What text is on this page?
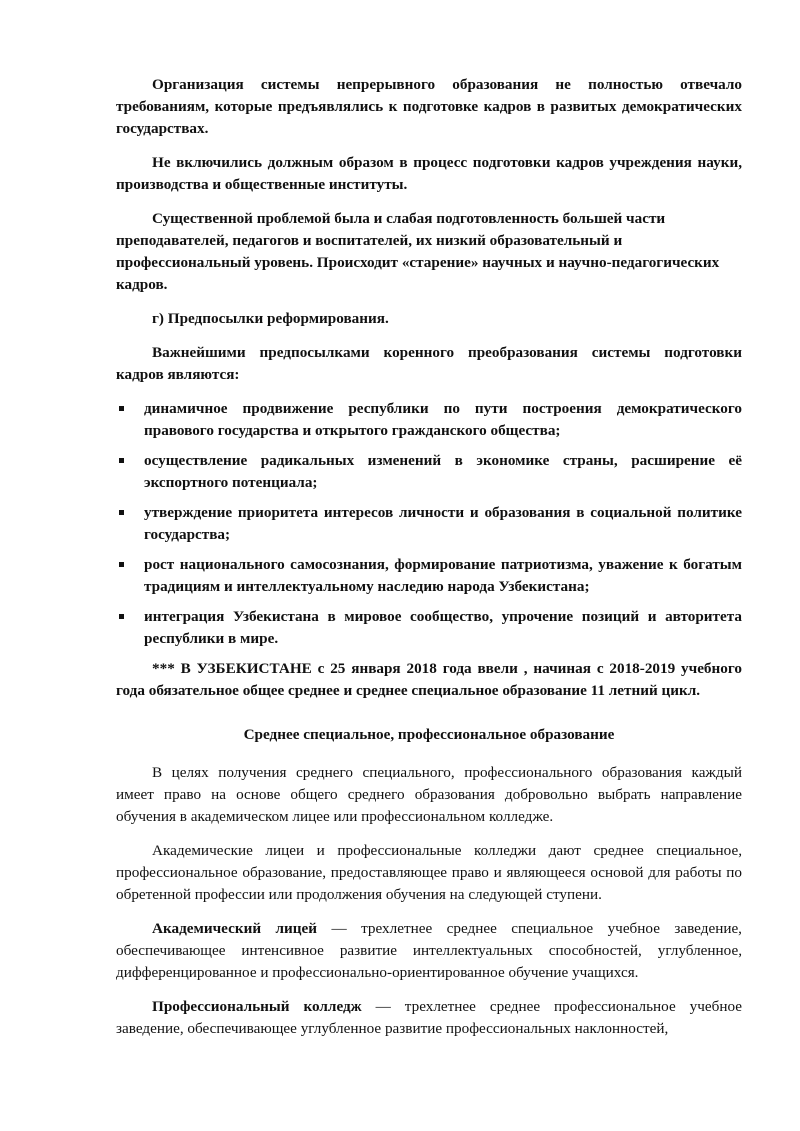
Организация системы непрерывного образования не полностью отвечало требованиям, которые предъявлялись к подготовке кадров в развитых демократических государствах.

Не включились должным образом в процесс подготовки кадров учреждения науки, производства и общественные институты.

Существенной проблемой была и слабая подготовленность большей части преподавателей, педагогов и воспитателей, их низкий образовательный и профессиональный уровень. Происходит «старение» научных и научно-педагогических кадров.

г) Предпосылки реформирования.

Важнейшими предпосылками коренного преобразования системы подготовки кадров являются:

динамичное продвижение республики по пути построения демократического правового государства и открытого гражданского общества;
осуществление радикальных изменений в экономике страны, расширение её экспортного потенциала;
утверждение приоритета интересов личности и образования в социальной политике государства;
рост национального самосознания, формирование патриотизма, уважение к богатым традициям и интеллектуальному наследию народа Узбекистана;
интеграция Узбекистана в мировое сообщество, упрочение позиций и авторитета республики в мире.

*** В УЗБЕКИСТАНЕ с 25 января 2018 года ввели , начиная с 2018-2019 учебного года обязательное общее среднее и среднее специальное образование 11 летний цикл.

Среднее специальное, профессиональное образование

В целях получения среднего специального, профессионального образования каждый имеет право на основе общего среднего образования добровольно выбрать направление обучения в академическом лицее или профессиональном колледже.

Академические лицеи и профессиональные колледжи дают среднее специальное, профессиональное образование, предоставляющее право и являющееся основой для работы по обретенной профессии или продолжения обучения на следующей ступени.

Академический лицей — трехлетнее среднее специальное учебное заведение, обеспечивающее интенсивное развитие интеллектуальных способностей, углубленное, дифференцированное и профессионально-ориентированное обучение учащихся.

Профессиональный колледж — трехлетнее среднее профессиональное учебное заведение, обеспечивающее углубленное развитие профессиональных наклонностей,
